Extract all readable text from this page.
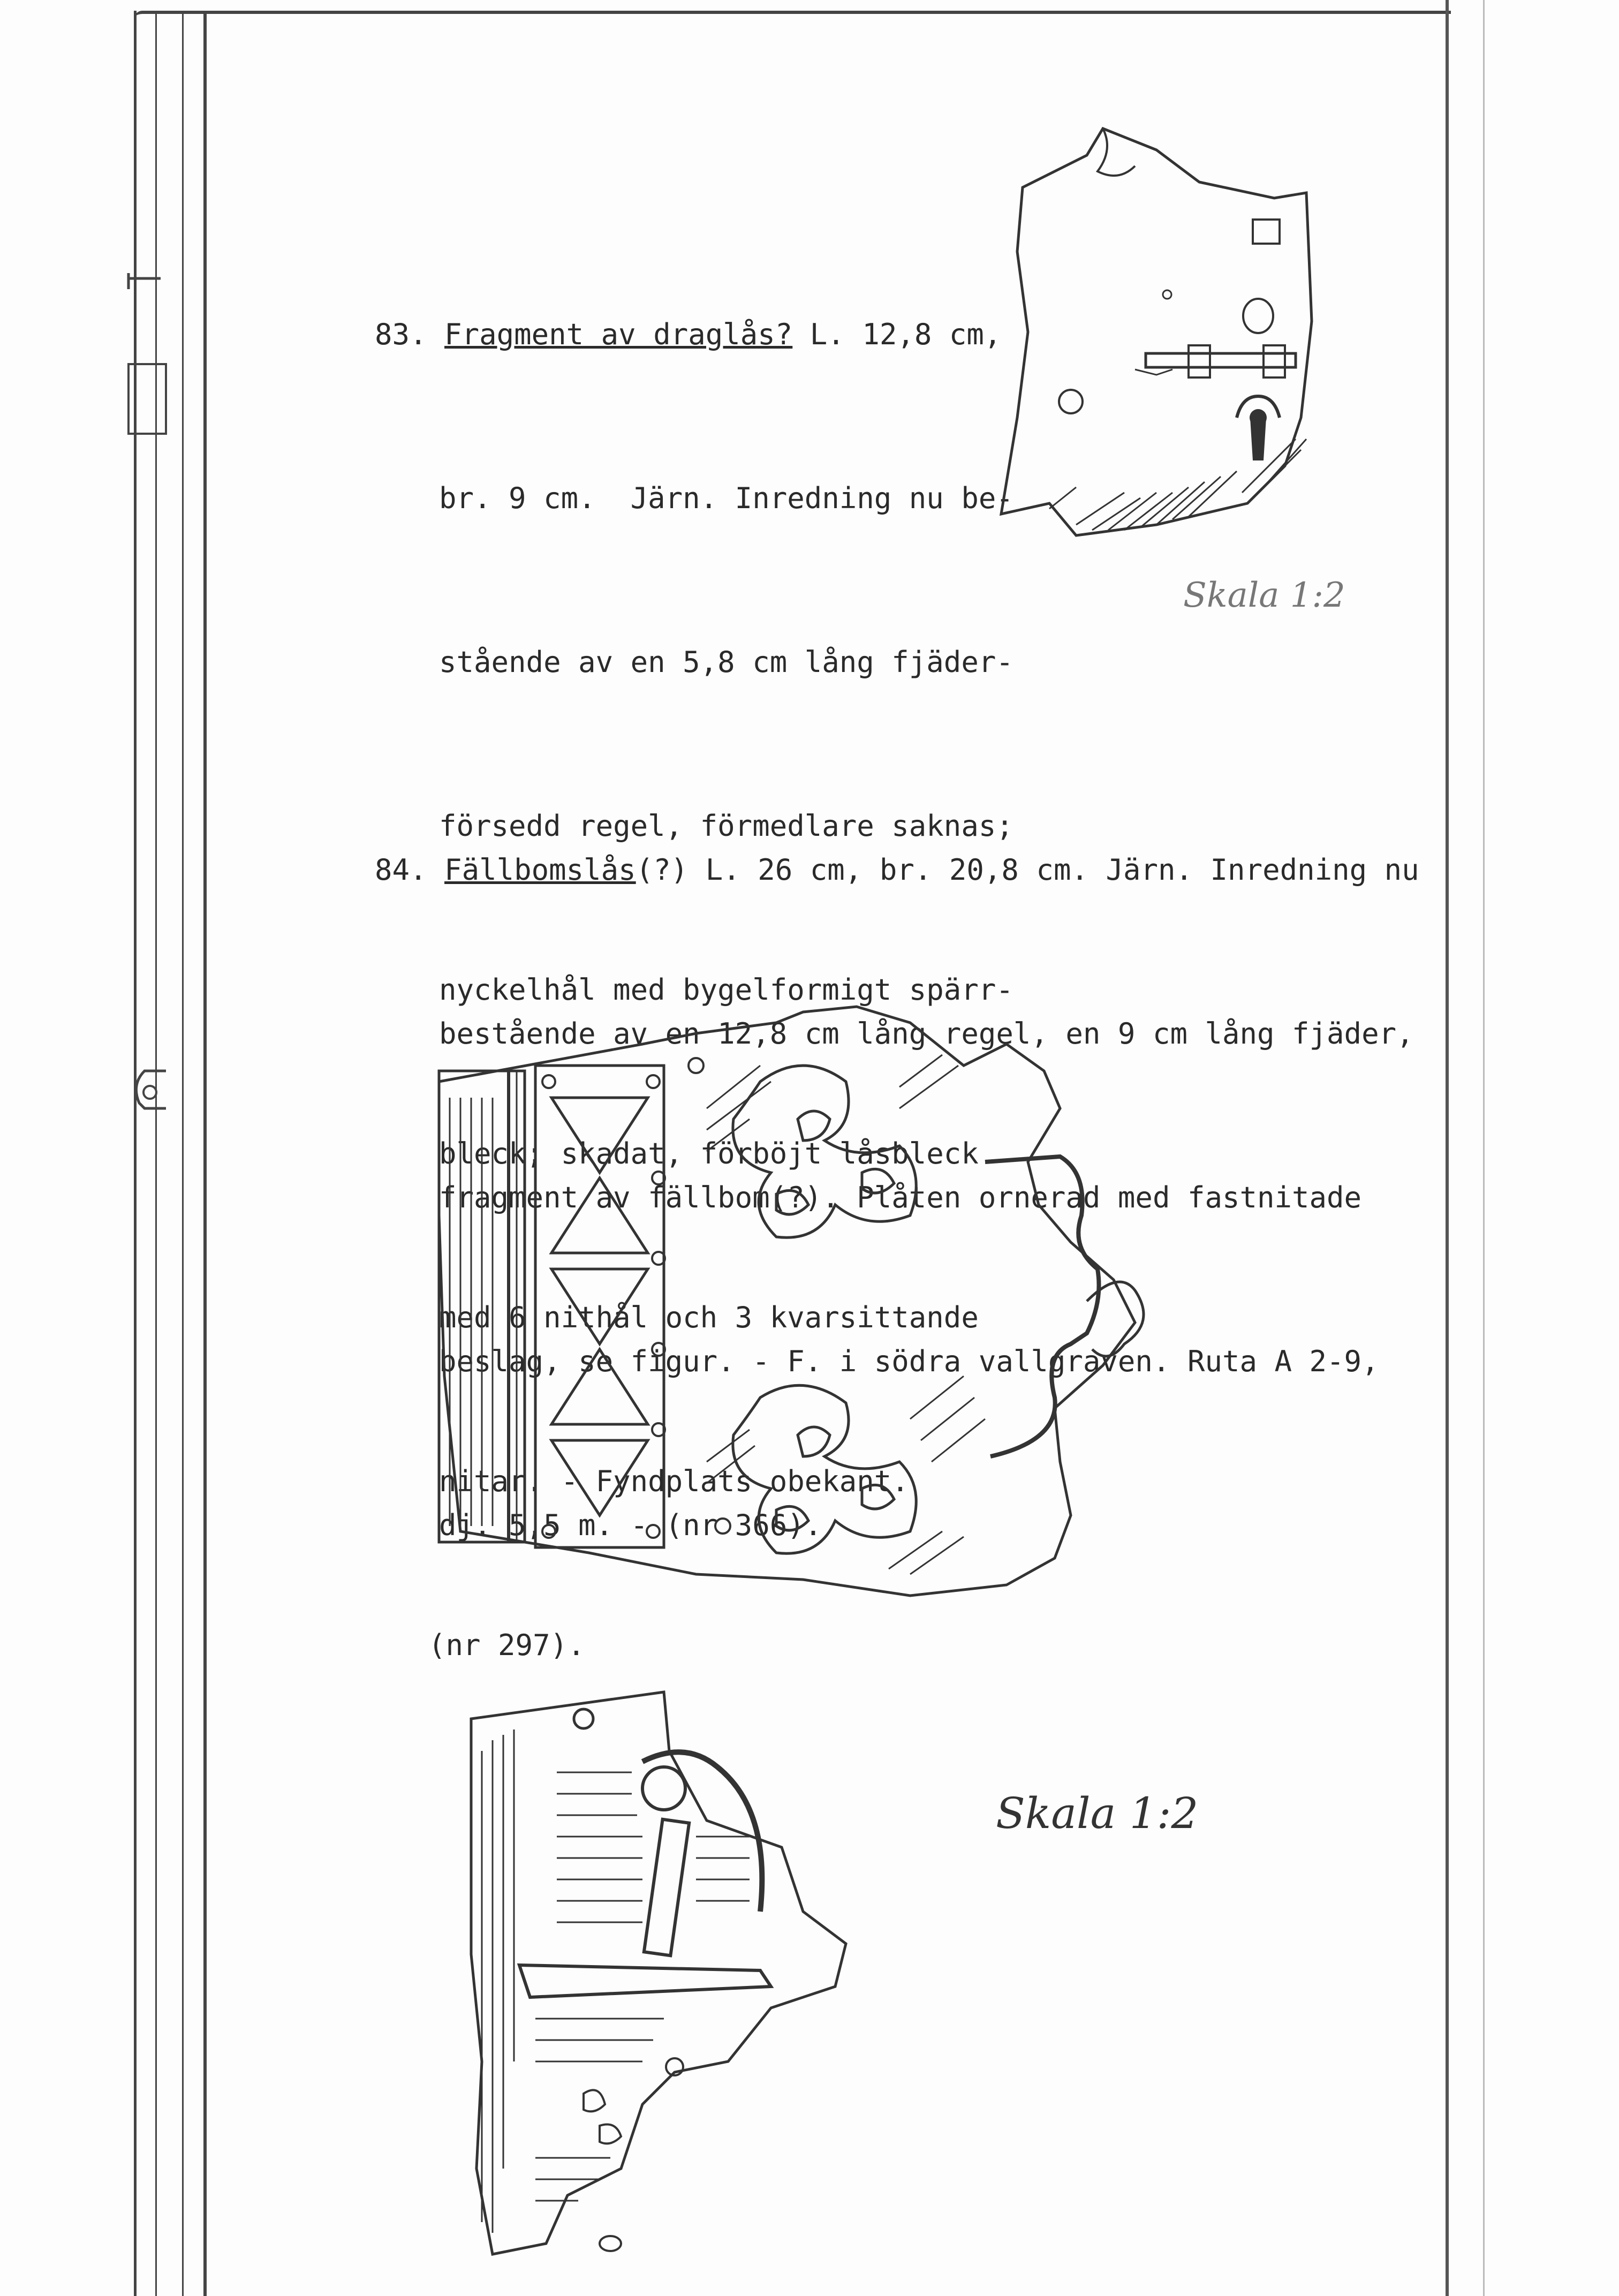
83. Fragment av draglås? L. 12,8 cm,

br. 9 cm.  Järn. Inredning nu be-

stående av en 5,8 cm lång fjäder-

försedd regel, förmedlare saknas;

nyckelhål med bygelformigt spärr-

bleck; skadat, förböjt låsbleck

med 6 nithål och 3 kvarsittande

nitar. - Fyndplats obekant.

(nr 297).

Skala 1:2

84. Fällbomslås(?) L. 26 cm, br. 20,8 cm. Järn. Inredning nu

bestående av en 12,8 cm lång regel, en 9 cm lång fjäder,

fragment av fällbom(?). Plåten ornerad med fastnitade

beslag, se figur. - F. i södra vallgraven. Ruta A 2-9,

dj. 5,5 m. - (nr 366).

Skala 1:2
